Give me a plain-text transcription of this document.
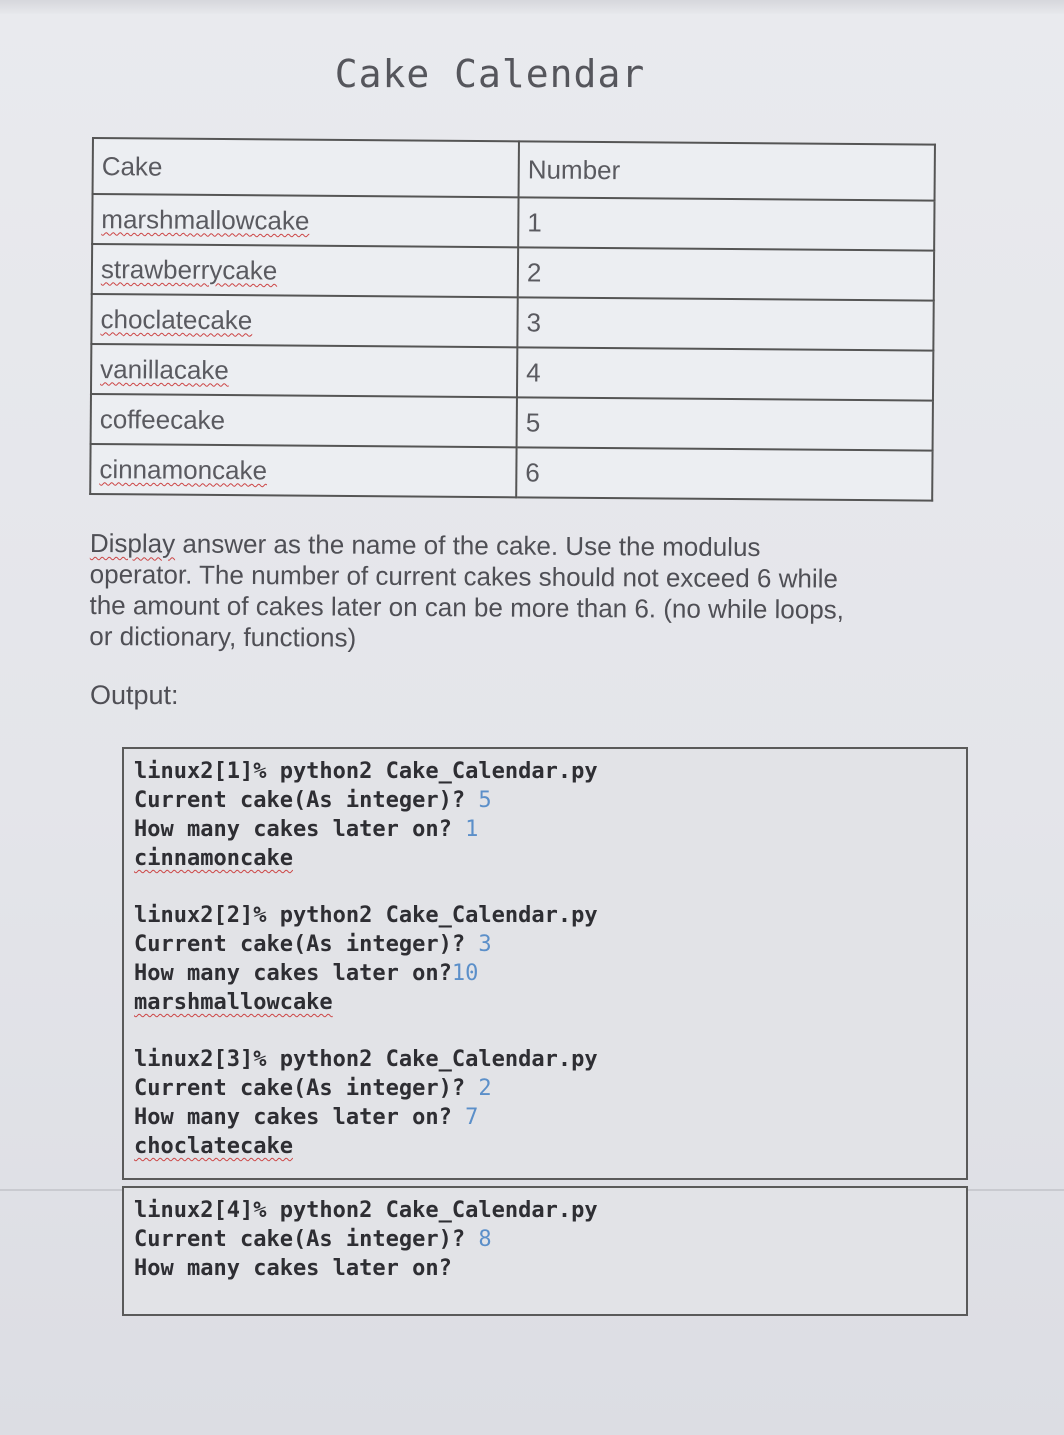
Cake Calendar
Cake	Number
marshmallowcake	1
strawberrycake	2
choclatecake	3
vanillacake	4
coffeecake	5
cinnamoncake	6
Display answer as the name of the cake. Use the modulus
operator. The number of current cakes should not exceed 6 while
the amount of cakes later on can be more than 6. (no while loops,
or dictionary, functions)
Output:
linux2[1]% python2 Cake_Calendar.py
Current cake(As integer)? 5
How many cakes later on? 1
cinnamoncake
linux2[2]% python2 Cake_Calendar.py
Current cake(As integer)? 3
How many cakes later on?10
marshmallowcake
linux2[3]% python2 Cake_Calendar.py
Current cake(As integer)? 2
How many cakes later on? 7
choclatecake
linux2[4]% python2 Cake_Calendar.py
Current cake(As integer)? 8
How many cakes later on?
